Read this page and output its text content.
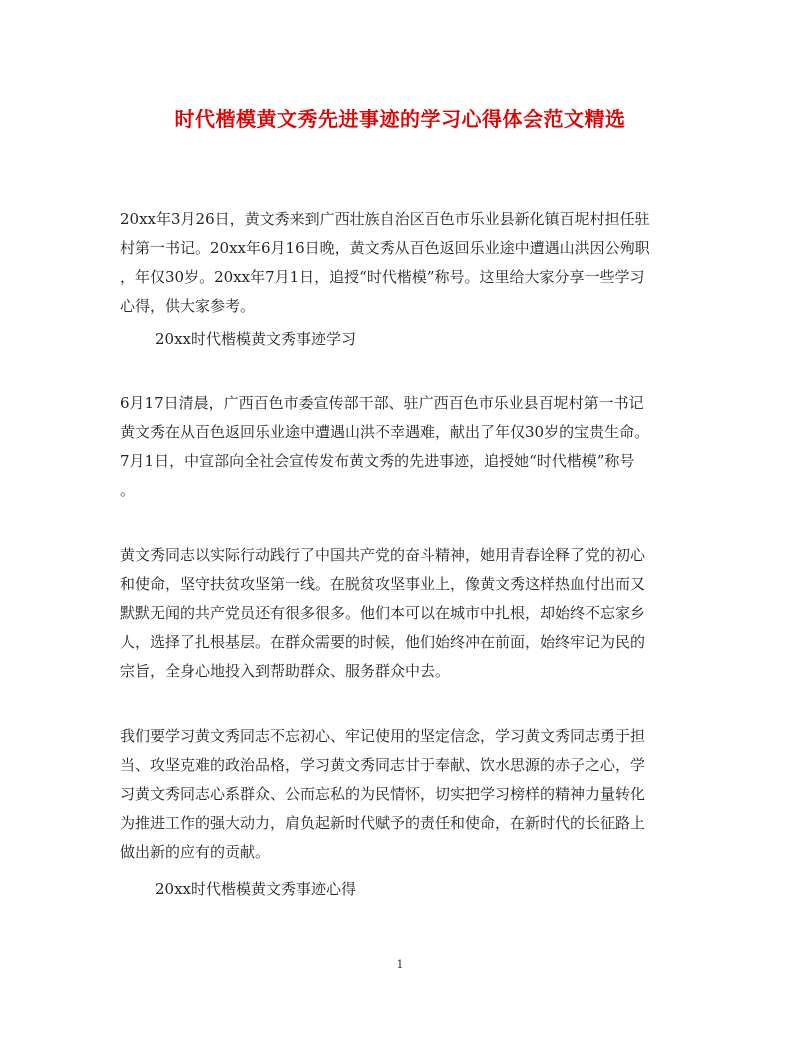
时代楷模黄文秀先进事迹的学习心得体会范文精选

20xx年3月26日，黄文秀来到广西壮族自治区百色市乐业县新化镇百坭村担任驻
村第一书记。20xx年6月16日晚，黄文秀从百色返回乐业途中遭遇山洪因公殉职
，年仅30岁。20xx年7月1日，追授“时代楷模”称号。这里给大家分享一些学习
心得，供大家参考。

20xx时代楷模黄文秀事迹学习

6月17日清晨，广西百色市委宣传部干部、驻广西百色市乐业县百坭村第一书记
黄文秀在从百色返回乐业途中遭遇山洪不幸遇难，献出了年仅30岁的宝贵生命。
7月1日，中宣部向全社会宣传发布黄文秀的先进事迹，追授她“时代楷模”称号
。

黄文秀同志以实际行动践行了中国共产党的奋斗精神，她用青春诠释了党的初心
和使命，坚守扶贫攻坚第一线。在脱贫攻坚事业上，像黄文秀这样热血付出而又
默默无闻的共产党员还有很多很多。他们本可以在城市中扎根，却始终不忘家乡
人，选择了扎根基层。在群众需要的时候，他们始终冲在前面，始终牢记为民的
宗旨，全身心地投入到帮助群众、服务群众中去。

我们要学习黄文秀同志不忘初心、牢记使用的坚定信念，学习黄文秀同志勇于担
当、攻坚克难的政治品格，学习黄文秀同志甘于奉献、饮水思源的赤子之心，学
习黄文秀同志心系群众、公而忘私的为民情怀，切实把学习榜样的精神力量转化
为推进工作的强大动力，肩负起新时代赋予的责任和使命，在新时代的长征路上
做出新的应有的贡献。

20xx时代楷模黄文秀事迹心得

1
